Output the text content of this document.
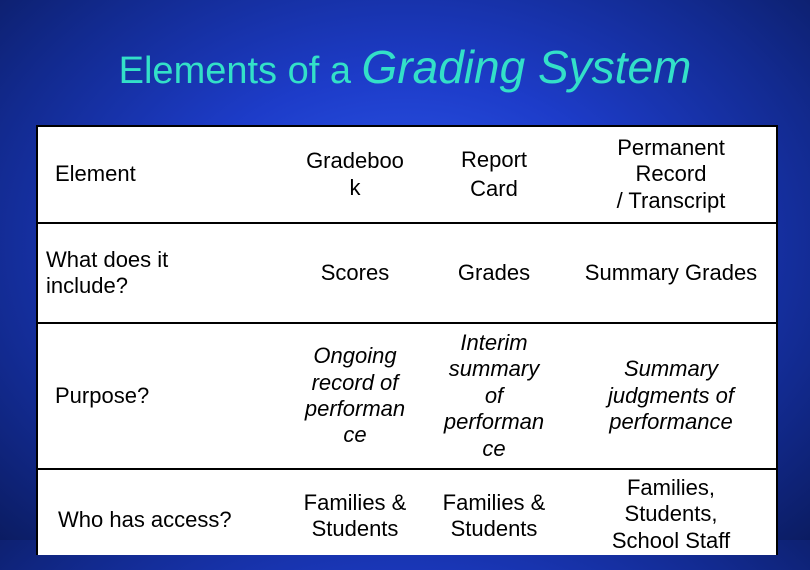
Elements of a Grading System
Element
Gradeboo
k
Report
Card
Permanent
Record
/ Transcript
What does it
include?
Scores	Grades	Summary Grades
Purpose?
Ongoing
record of
performan
ce
Interim
summary
of
performan
ce
Summary
judgments of
performance
Who has access?
Families &
Students
Families &
Students
Families,
Students,
School Staff
